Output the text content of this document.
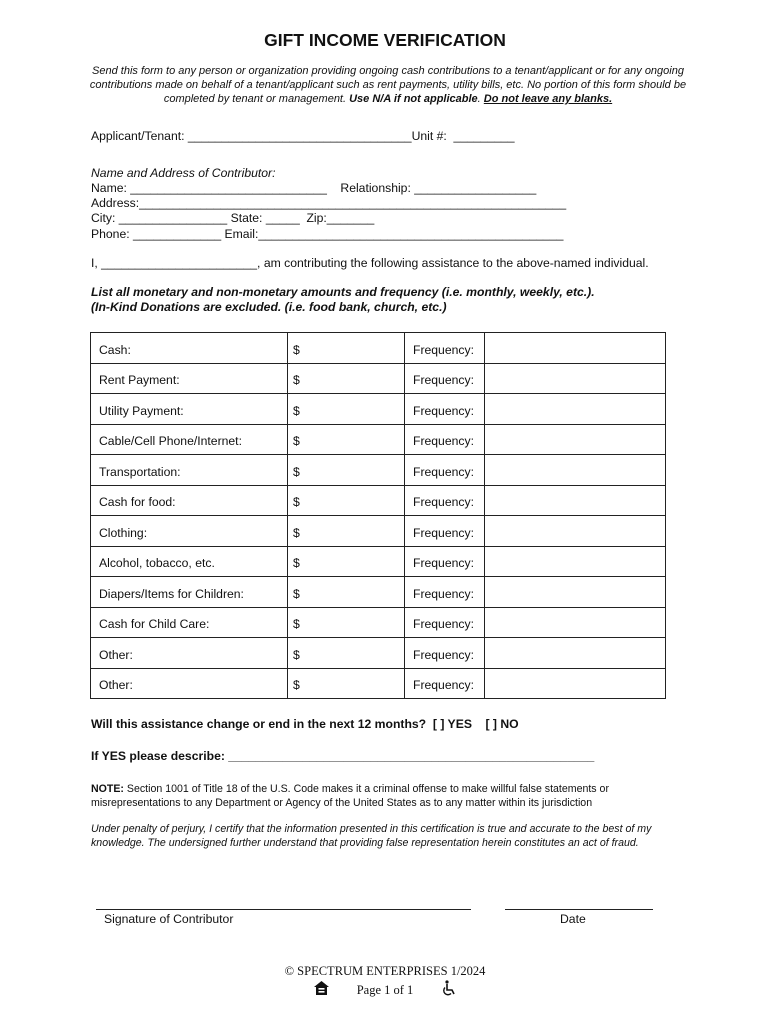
GIFT INCOME VERIFICATION
Send this form to any person or organization providing ongoing cash contributions to a tenant/applicant or for any ongoing contributions made on behalf of a tenant/applicant such as rent payments, utility bills, etc. No portion of this form should be completed by tenant or management. Use N/A if not applicable. Do not leave any blanks.
Applicant/Tenant: _________________________________Unit #:  _________
Name and Address of Contributor:
Name: _____________________________    Relationship: __________________
Address:_______________________________________________________________
City: ________________ State: _____  Zip:_______
Phone: _____________ Email:_____________________________________________
I, _______________________, am contributing the following assistance to the above-named individual.
List all monetary and non-monetary amounts and frequency (i.e. monthly, weekly, etc.).
(In-Kind Donations are excluded. (i.e. food bank, church, etc.)
Cash:	$	Frequency:	
Rent Payment:	$	Frequency:	
Utility Payment:	$	Frequency:	
Cable/Cell Phone/Internet:	$	Frequency:	
Transportation:	$	Frequency:	
Cash for food:	$	Frequency:	
Clothing:	$	Frequency:	
Alcohol, tobacco, etc.	$	Frequency:	
Diapers/Items for Children:	$	Frequency:	
Cash for Child Care:	$	Frequency:	
Other:	$	Frequency:	
Other:	$	Frequency:	
Will this assistance change or end in the next 12 months?  [ ] YES    [ ] NO
If YES please describe: ______________________________________________________
NOTE: Section 1001 of Title 18 of the U.S. Code makes it a criminal offense to make willful false statements or misrepresentations to any Department or Agency of the United States as to any matter within its jurisdiction
Under penalty of perjury, I certify that the information presented in this certification is true and accurate to the best of my knowledge. The undersigned further understand that providing false representation herein constitutes an act of fraud.
Signature of Contributor	Date
© SPECTRUM ENTERPRISES 1/2024
Page 1 of 1
